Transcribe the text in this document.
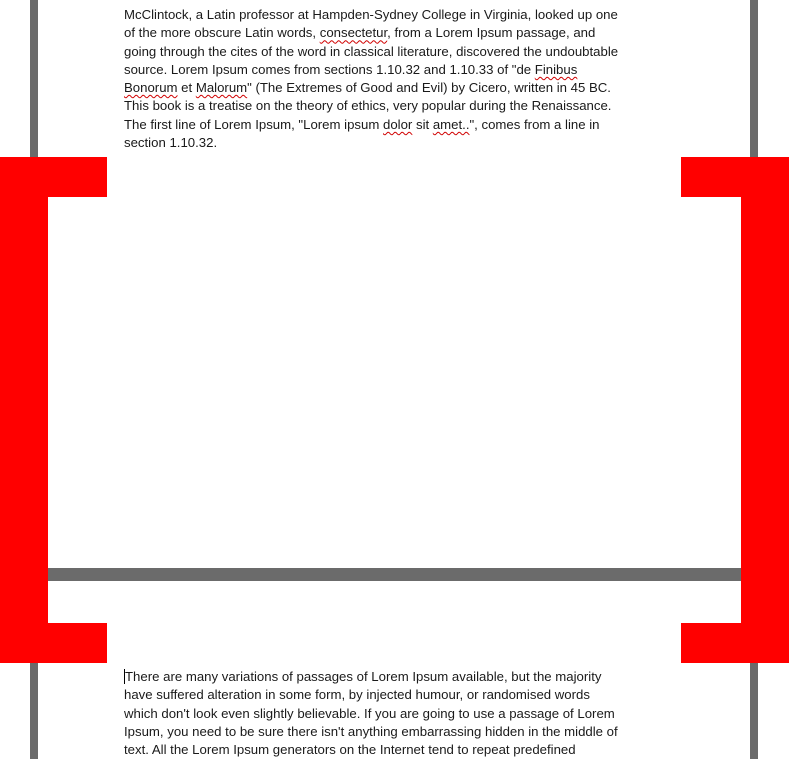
McClintock, a Latin professor at Hampden-Sydney College in Virginia, looked up one
of the more obscure Latin words, consectetur, from a Lorem Ipsum passage, and
going through the cites of the word in classical literature, discovered the undoubtable
source. Lorem Ipsum comes from sections 1.10.32 and 1.10.33 of "de Finibus
Bonorum et Malorum" (The Extremes of Good and Evil) by Cicero, written in 45 BC.
This book is a treatise on the theory of ethics, very popular during the Renaissance.
The first line of Lorem Ipsum, "Lorem ipsum dolor sit amet..", comes from a line in
section 1.10.32.
There are many variations of passages of Lorem Ipsum available, but the majority
have suffered alteration in some form, by injected humour, or randomised words
which don't look even slightly believable. If you are going to use a passage of Lorem
Ipsum, you need to be sure there isn't anything embarrassing hidden in the middle of
text. All the Lorem Ipsum generators on the Internet tend to repeat predefined
